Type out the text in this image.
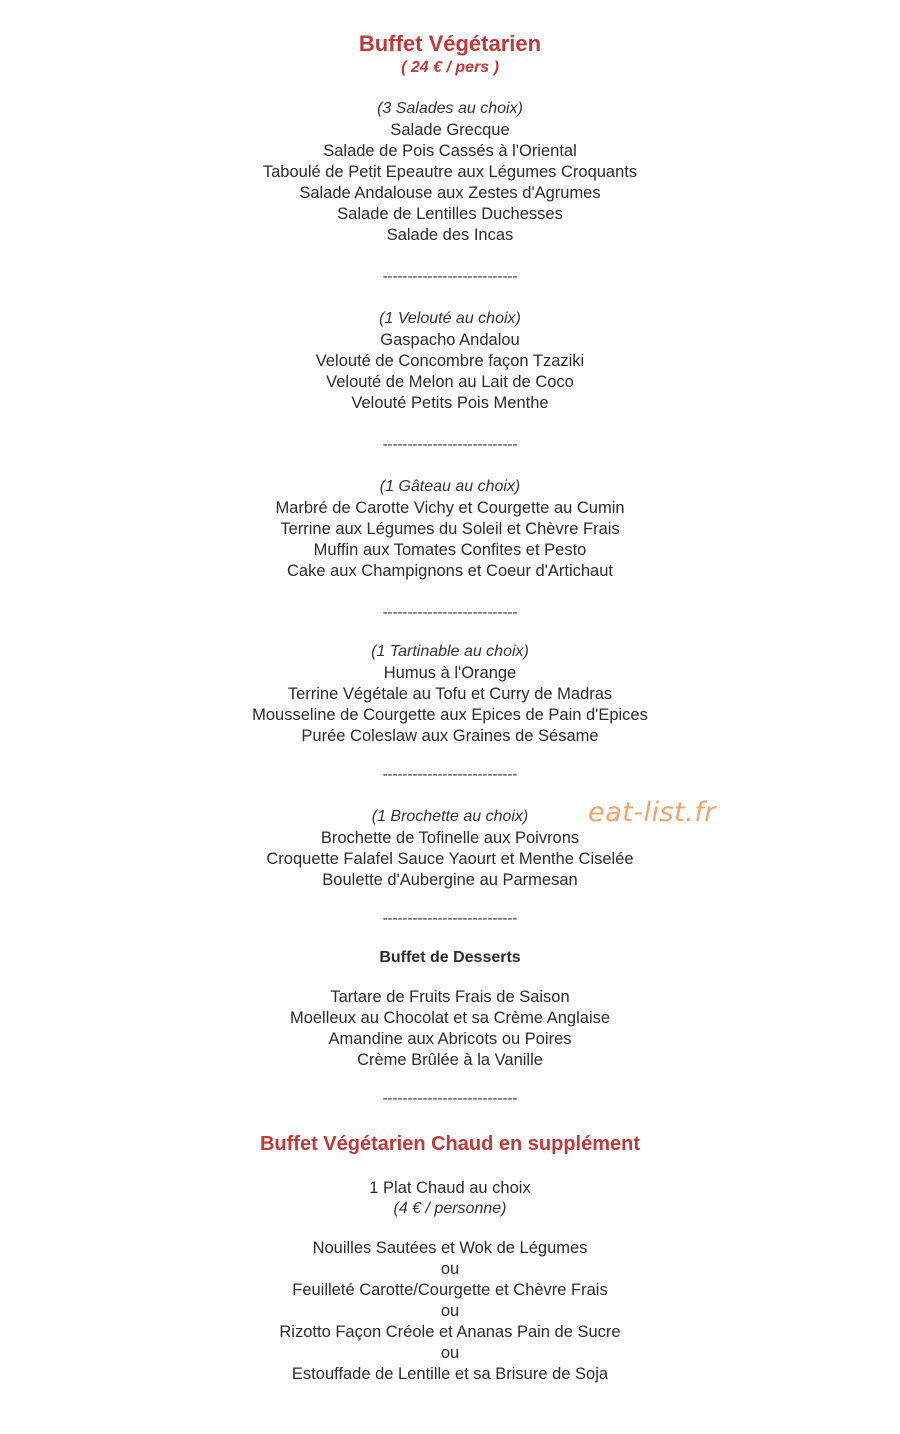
Buffet Végétarien
( 24 € / pers )
(3 Salades au choix)
Salade Grecque
Salade de Pois Cassés à l'Oriental
Taboulé de Petit Epeautre aux Légumes Croquants
Salade Andalouse aux Zestes d'Agrumes
Salade de Lentilles Duchesses
Salade des Incas
---------------------------
(1 Velouté au choix)
Gaspacho Andalou
Velouté de Concombre façon Tzaziki
Velouté de Melon au Lait de Coco
Velouté Petits Pois Menthe
---------------------------
(1 Gâteau au choix)
Marbré de Carotte Vichy et Courgette au Cumin
Terrine aux Légumes du Soleil et Chèvre Frais
Muffin aux Tomates Confites et Pesto
Cake aux Champignons et Coeur d'Artichaut
---------------------------
(1 Tartinable au choix)
Humus à l'Orange
Terrine Végétale au Tofu et Curry de Madras
Mousseline de Courgette aux Epices de Pain d'Epices
Purée Coleslaw aux Graines de Sésame
---------------------------
(1 Brochette au choix)
Brochette de Tofinelle aux Poivrons
Croquette Falafel Sauce Yaourt et Menthe Ciselée
Boulette d'Aubergine au Parmesan
eat-list.fr
---------------------------
Buffet de Desserts
Tartare de Fruits Frais de Saison
Moelleux au Chocolat et sa Crème Anglaise
Amandine aux Abricots ou Poires
Crème Brûlée à la Vanille
---------------------------
Buffet Végétarien Chaud en supplément
1 Plat Chaud au choix
(4 € / personne)
Nouilles Sautées et Wok de Légumes
ou
Feuilleté Carotte/Courgette et Chèvre Frais
ou
Rizotto Façon Créole et Ananas Pain de Sucre
ou
Estouffade de Lentille et sa Brisure de Soja
